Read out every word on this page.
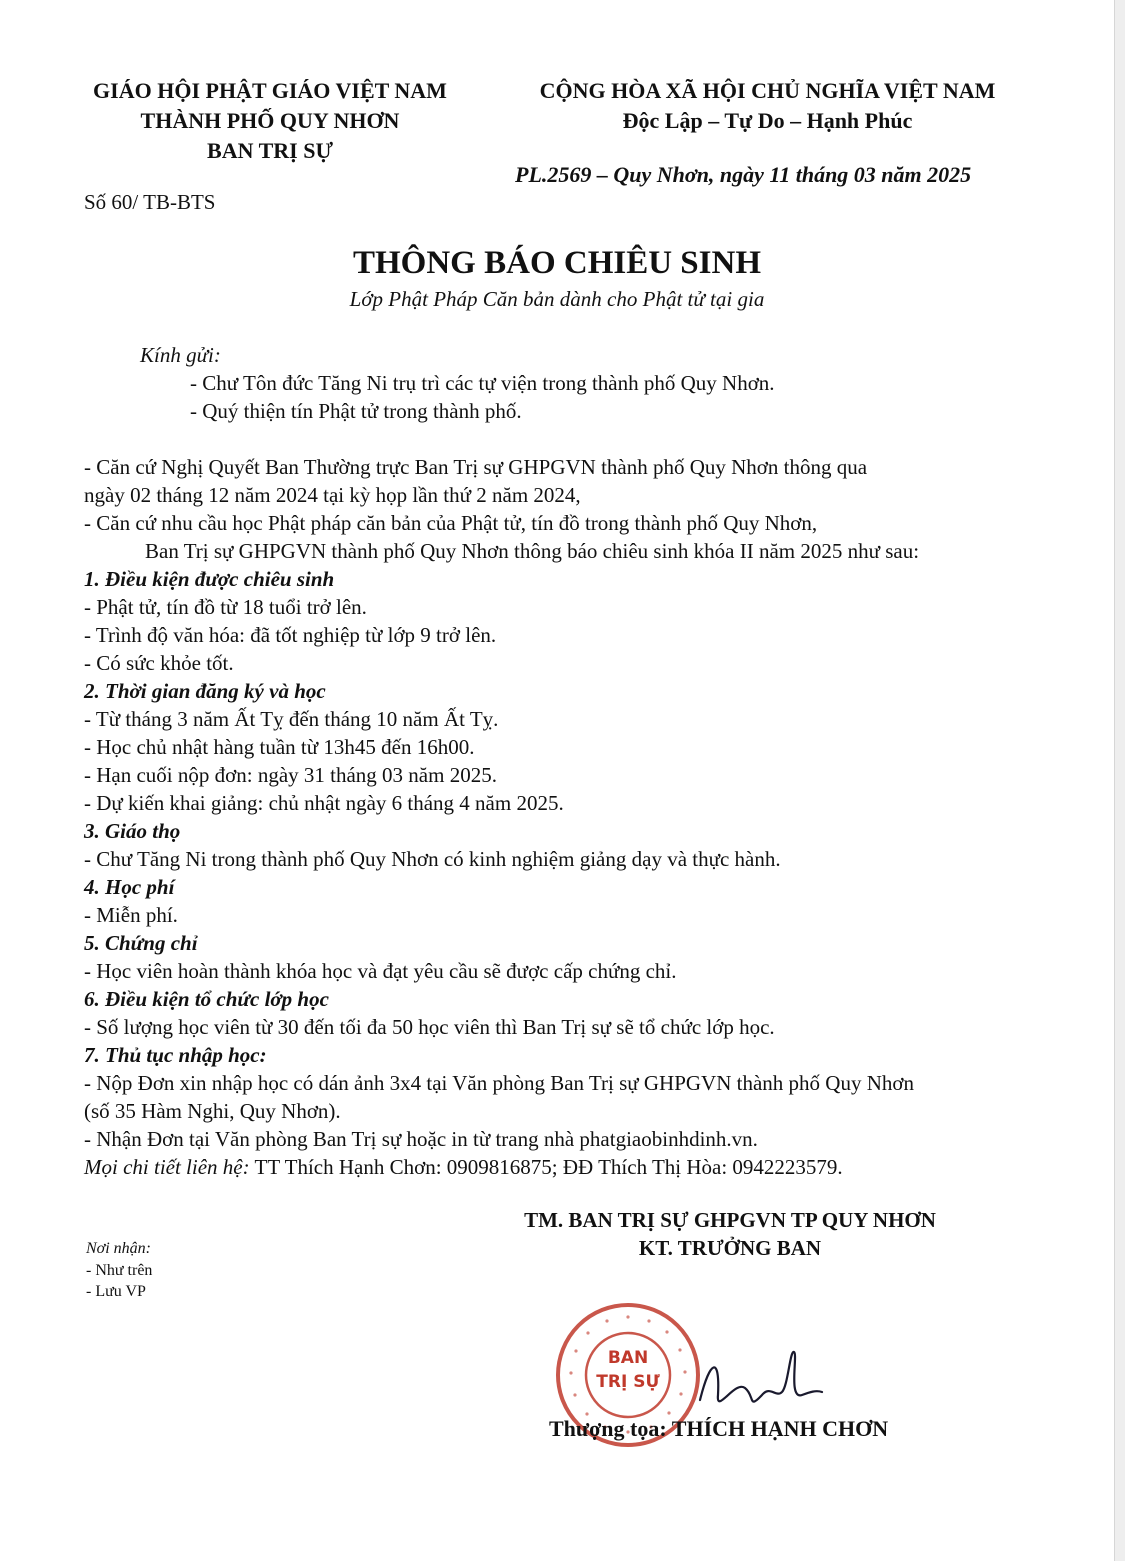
GIÁO HỘI PHẬT GIÁO VIỆT NAM
THÀNH PHỐ QUY NHƠN
BAN TRỊ SỰ
CỘNG HÒA XÃ HỘI CHỦ NGHĨA VIỆT NAM
Độc Lập – Tự Do – Hạnh Phúc
PL.2569 – Quy Nhơn, ngày 11 tháng 03 năm 2025
Số 60/ TB-BTS
THÔNG BÁO CHIÊU SINH
Lớp Phật Pháp Căn bản dành cho Phật tử tại gia
Kính gửi:
- Chư Tôn đức Tăng Ni trụ trì các tự viện trong thành phố Quy Nhơn.
- Quý thiện tín Phật tử trong thành phố.
- Căn cứ Nghị Quyết Ban Thường trực Ban Trị sự GHPGVN thành phố Quy Nhơn thông qua
ngày 02 tháng 12 năm 2024 tại kỳ họp lần thứ 2 năm 2024,
- Căn cứ nhu cầu học Phật pháp căn bản của Phật tử, tín đồ trong thành phố Quy Nhơn,
Ban Trị sự GHPGVN thành phố Quy Nhơn thông báo chiêu sinh khóa II năm 2025 như sau:
1. Điều kiện được chiêu sinh
- Phật tử, tín đồ từ 18 tuổi trở lên.
- Trình độ văn hóa: đã tốt nghiệp từ lớp 9 trở lên.
- Có sức khỏe tốt.
2. Thời gian đăng ký và học
- Từ tháng 3 năm Ất Tỵ đến tháng 10 năm Ất Tỵ.
- Học chủ nhật hàng tuần từ 13h45 đến 16h00.
- Hạn cuối nộp đơn: ngày 31 tháng 03 năm 2025.
- Dự kiến khai giảng: chủ nhật ngày 6 tháng 4 năm 2025.
3. Giáo thọ
- Chư Tăng Ni trong thành phố Quy Nhơn có kinh nghiệm giảng dạy và thực hành.
4. Học phí
- Miễn phí.
5. Chứng chỉ
- Học viên hoàn thành khóa học và đạt yêu cầu sẽ được cấp chứng chỉ.
6. Điều kiện tổ chức lớp học
- Số lượng học viên từ 30 đến tối đa 50 học viên thì Ban Trị sự sẽ tổ chức lớp học.
7. Thủ tục nhập học:
- Nộp Đơn xin nhập học có dán ảnh 3x4 tại Văn phòng Ban Trị sự GHPGVN thành phố Quy Nhơn
(số 35 Hàm Nghi, Quy Nhơn).
- Nhận Đơn tại Văn phòng Ban Trị sự hoặc in từ trang nhà phatgiaobinhdinh.vn.
Mọi chi tiết liên hệ: TT Thích Hạnh Chơn: 0909816875; ĐĐ Thích Thị Hòa: 0942223579.
TM. BAN TRỊ SỰ GHPGVN TP QUY NHƠN
KT. TRƯỞNG BAN
Nơi nhận:
- Như trên
- Lưu VP
BAN
TRỊ SỰ
Thượng tọa: THÍCH HẠNH CHƠN
